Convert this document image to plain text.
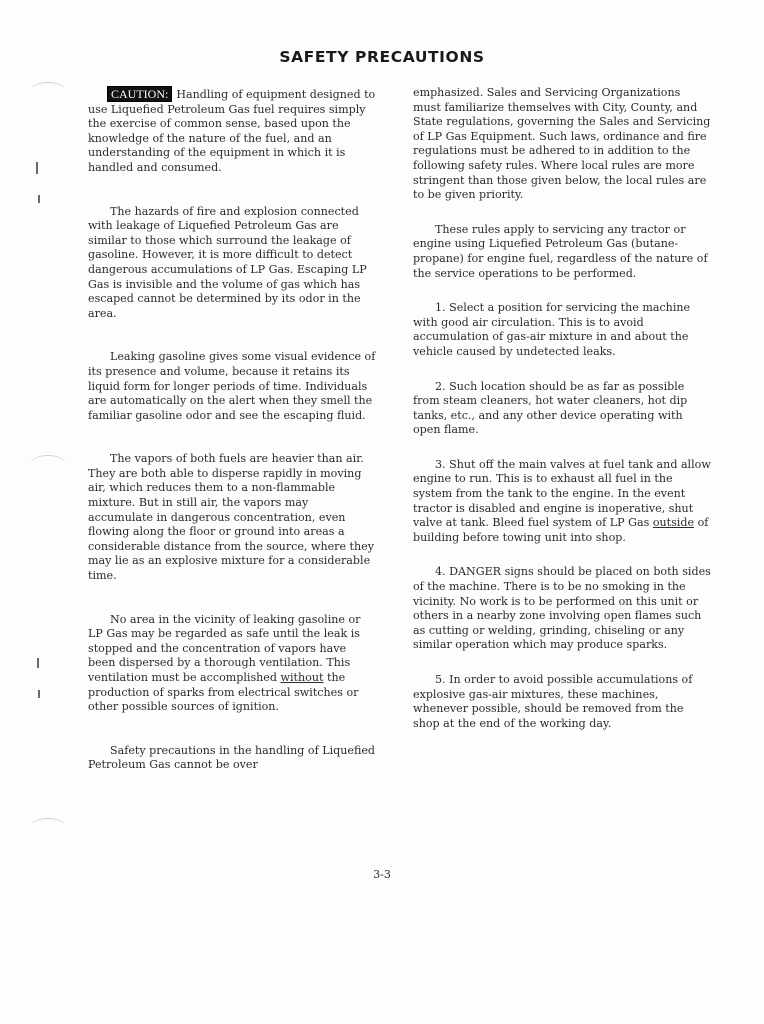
SAFETY PRECAUTIONS

CAUTION: Handling of equipment designed to use Liquefied Petroleum Gas fuel requires simply the exercise of common sense, based upon the knowledge of the nature of the fuel, and an understanding of the equipment in which it is handled and consumed.

The hazards of fire and explosion connected with leakage of Liquefied Petroleum Gas are similar to those which surround the leakage of gasoline. However, it is more difficult to detect dangerous accumulations of LP Gas. Escaping LP Gas is invisible and the volume of gas which has escaped cannot be determined by its odor in the area.

Leaking gasoline gives some visual evidence of its presence and volume, because it retains its liquid form for longer periods of time. Individuals are automatically on the alert when they smell the familiar gasoline odor and see the escaping fluid.

The vapors of both fuels are heavier than air. They are both able to disperse rapidly in moving air, which reduces them to a non-flammable mixture. But in still air, the vapors may accumulate in dangerous concentration, even flowing along the floor or ground into areas a considerable distance from the source, where they may lie as an explosive mixture for a considerable time.

No area in the vicinity of leaking gasoline or LP Gas may be regarded as safe until the leak is stopped and the concentration of vapors have been dispersed by a thorough ventilation. This ventilation must be accomplished without the production of sparks from electrical switches or other possible sources of ignition.

Safety precautions in the handling of Liquefied Petroleum Gas cannot be over

emphasized. Sales and Servicing Organizations must familiarize themselves with City, County, and State regulations, governing the Sales and Servicing of LP Gas Equipment. Such laws, ordinance and fire regulations must be adhered to in addition to the following safety rules. Where local rules are more stringent than those given below, the local rules are to be given priority.

These rules apply to servicing any tractor or engine using Liquefied Petroleum Gas (butane-propane) for engine fuel, regardless of the nature of the service operations to be performed.

1. Select a position for servicing the machine with good air circulation. This is to avoid accumulation of gas-air mixture in and about the vehicle caused by undetected leaks.

2. Such location should be as far as possible from steam cleaners, hot water cleaners, hot dip tanks, etc., and any other device operating with open flame.

3. Shut off the main valves at fuel tank and allow engine to run. This is to exhaust all fuel in the system from the tank to the engine. In the event tractor is disabled and engine is inoperative, shut valve at tank. Bleed fuel system of LP Gas outside of building before towing unit into shop.

4. DANGER signs should be placed on both sides of the machine. There is to be no smoking in the vicinity. No work is to be performed on this unit or others in a nearby zone involving open flames such as cutting or welding, grinding, chiseling or any similar operation which may produce sparks.

5. In order to avoid possible accumulations of explosive gas-air mixtures, these machines, whenever possible, should be removed from the shop at the end of the working day.

3-3
